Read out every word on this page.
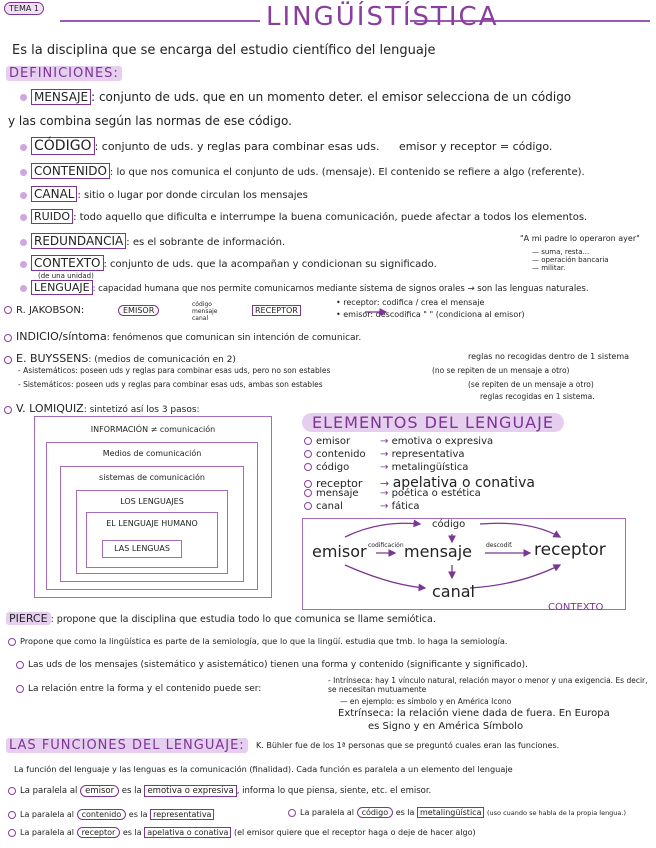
TEMA 1	LINGÜÍSTÍSTICA
Es la disciplina que se encarga del estudio científico del lenguaje
DEFINICIONES:
MENSAJE : conjunto de uds. que en un momento deter. el emisor selecciona de un código
y las combina según las normas de ese código.
CÓDIGO : conjunto de uds. y reglas para combinar esas uds. emisor y receptor = código.
CONTENIDO : lo que nos comunica el conjunto de uds. (mensaje). El contenido se refiere a algo (referente).
CANAL : sitio o lugar por donde circulan los mensajes
RUIDO : todo aquello que dificulta e interrumpe la buena comunicación, puede afectar a todos los elementos.
REDUNDANCIA : es el sobrante de información.
CONTEXTO : conjunto de uds. que la acompañan y condicionan su significado.
(de una unidad)
"A mi padre lo operaron ayer"
— suma, resta...
— operación bancaria
— militar.
LENGUAJE : capacidad humana que nos permite comunicarnos mediante sistema de signos orales → son las lenguas naturales.
R. JAKOBSON:	EMISOR
código mensaje canal
RECEPTOR
• receptor: codifica / crea el mensaje
• emisor: descodifica " " (condiciona al emisor)
INDICIO/síntoma: fenómenos que comunican sin intención de comunicar.
E. BUYSSENS: (medios de comunicación en 2)	reglas no recogidas dentro de 1 sistema
- Asistemáticos: poseen uds y reglas para combinar esas uds, pero no son estables	(no se repiten de un mensaje a otro)
- Sistemáticos: poseen uds y reglas para combinar esas uds, ambas son estables	(se repiten de un mensaje a otro)
reglas recogidas en 1 sistema.
V. LOMIQUIZ: sintetizó así los 3 pasos:
INFORMACIÓN ≠ comunicación
Medios de comunicación
sistemas de comunicación
LOS LENGUAJES
EL LENGUAJE HUMANO
LAS LENGUAS
ELEMENTOS DEL LENGUAJE
emisor	→ emotiva o expresiva
contenido → representativa
código	→ metalingüística
receptor → apelativa o conativa
mensaje → poética o estética
canal	→ fática
código
emisor codificación mensaje descodif. receptor
canal
CONTEXTO
PIERCE : propone que la disciplina que estudia todo lo que comunica se llame semiótica.
Propone que como la lingüística es parte de la semiología, que lo que la lingüí. estudia que tmb. lo haga la semiología.
Las uds de los mensajes (sistemático y asistemático) tienen una forma y contenido (significante y significado).
La relación entre la forma y el contenido puede ser:
- Intrínseca: hay 1 vínculo natural, relación mayor o menor y una exigencia. Es decir, se necesitan mutuamente
— en ejemplo: es símbolo y en América Icono
Extrínseca: la relación viene dada de fuera. En Europa
es Signo y en América Símbolo
LAS FUNCIONES DEL LENGUAJE:	K. Bühler fue de los 1ª personas que se preguntó cuales eran las funciones.
La función del lenguaje y las lenguas es la comunicación (finalidad). Cada función es paralela a un elemento del lenguaje
La paralela al emisor es la emotiva o expresiva , informa lo que piensa, siente, etc. el emisor.
La paralela al contenido es la representativa	La paralela al código es la metalingüística (uso cuando se habla de la propia lengua.)
La paralela al receptor es la apelativa o conativa (el emisor quiere que el receptor haga o deje de hacer algo)
